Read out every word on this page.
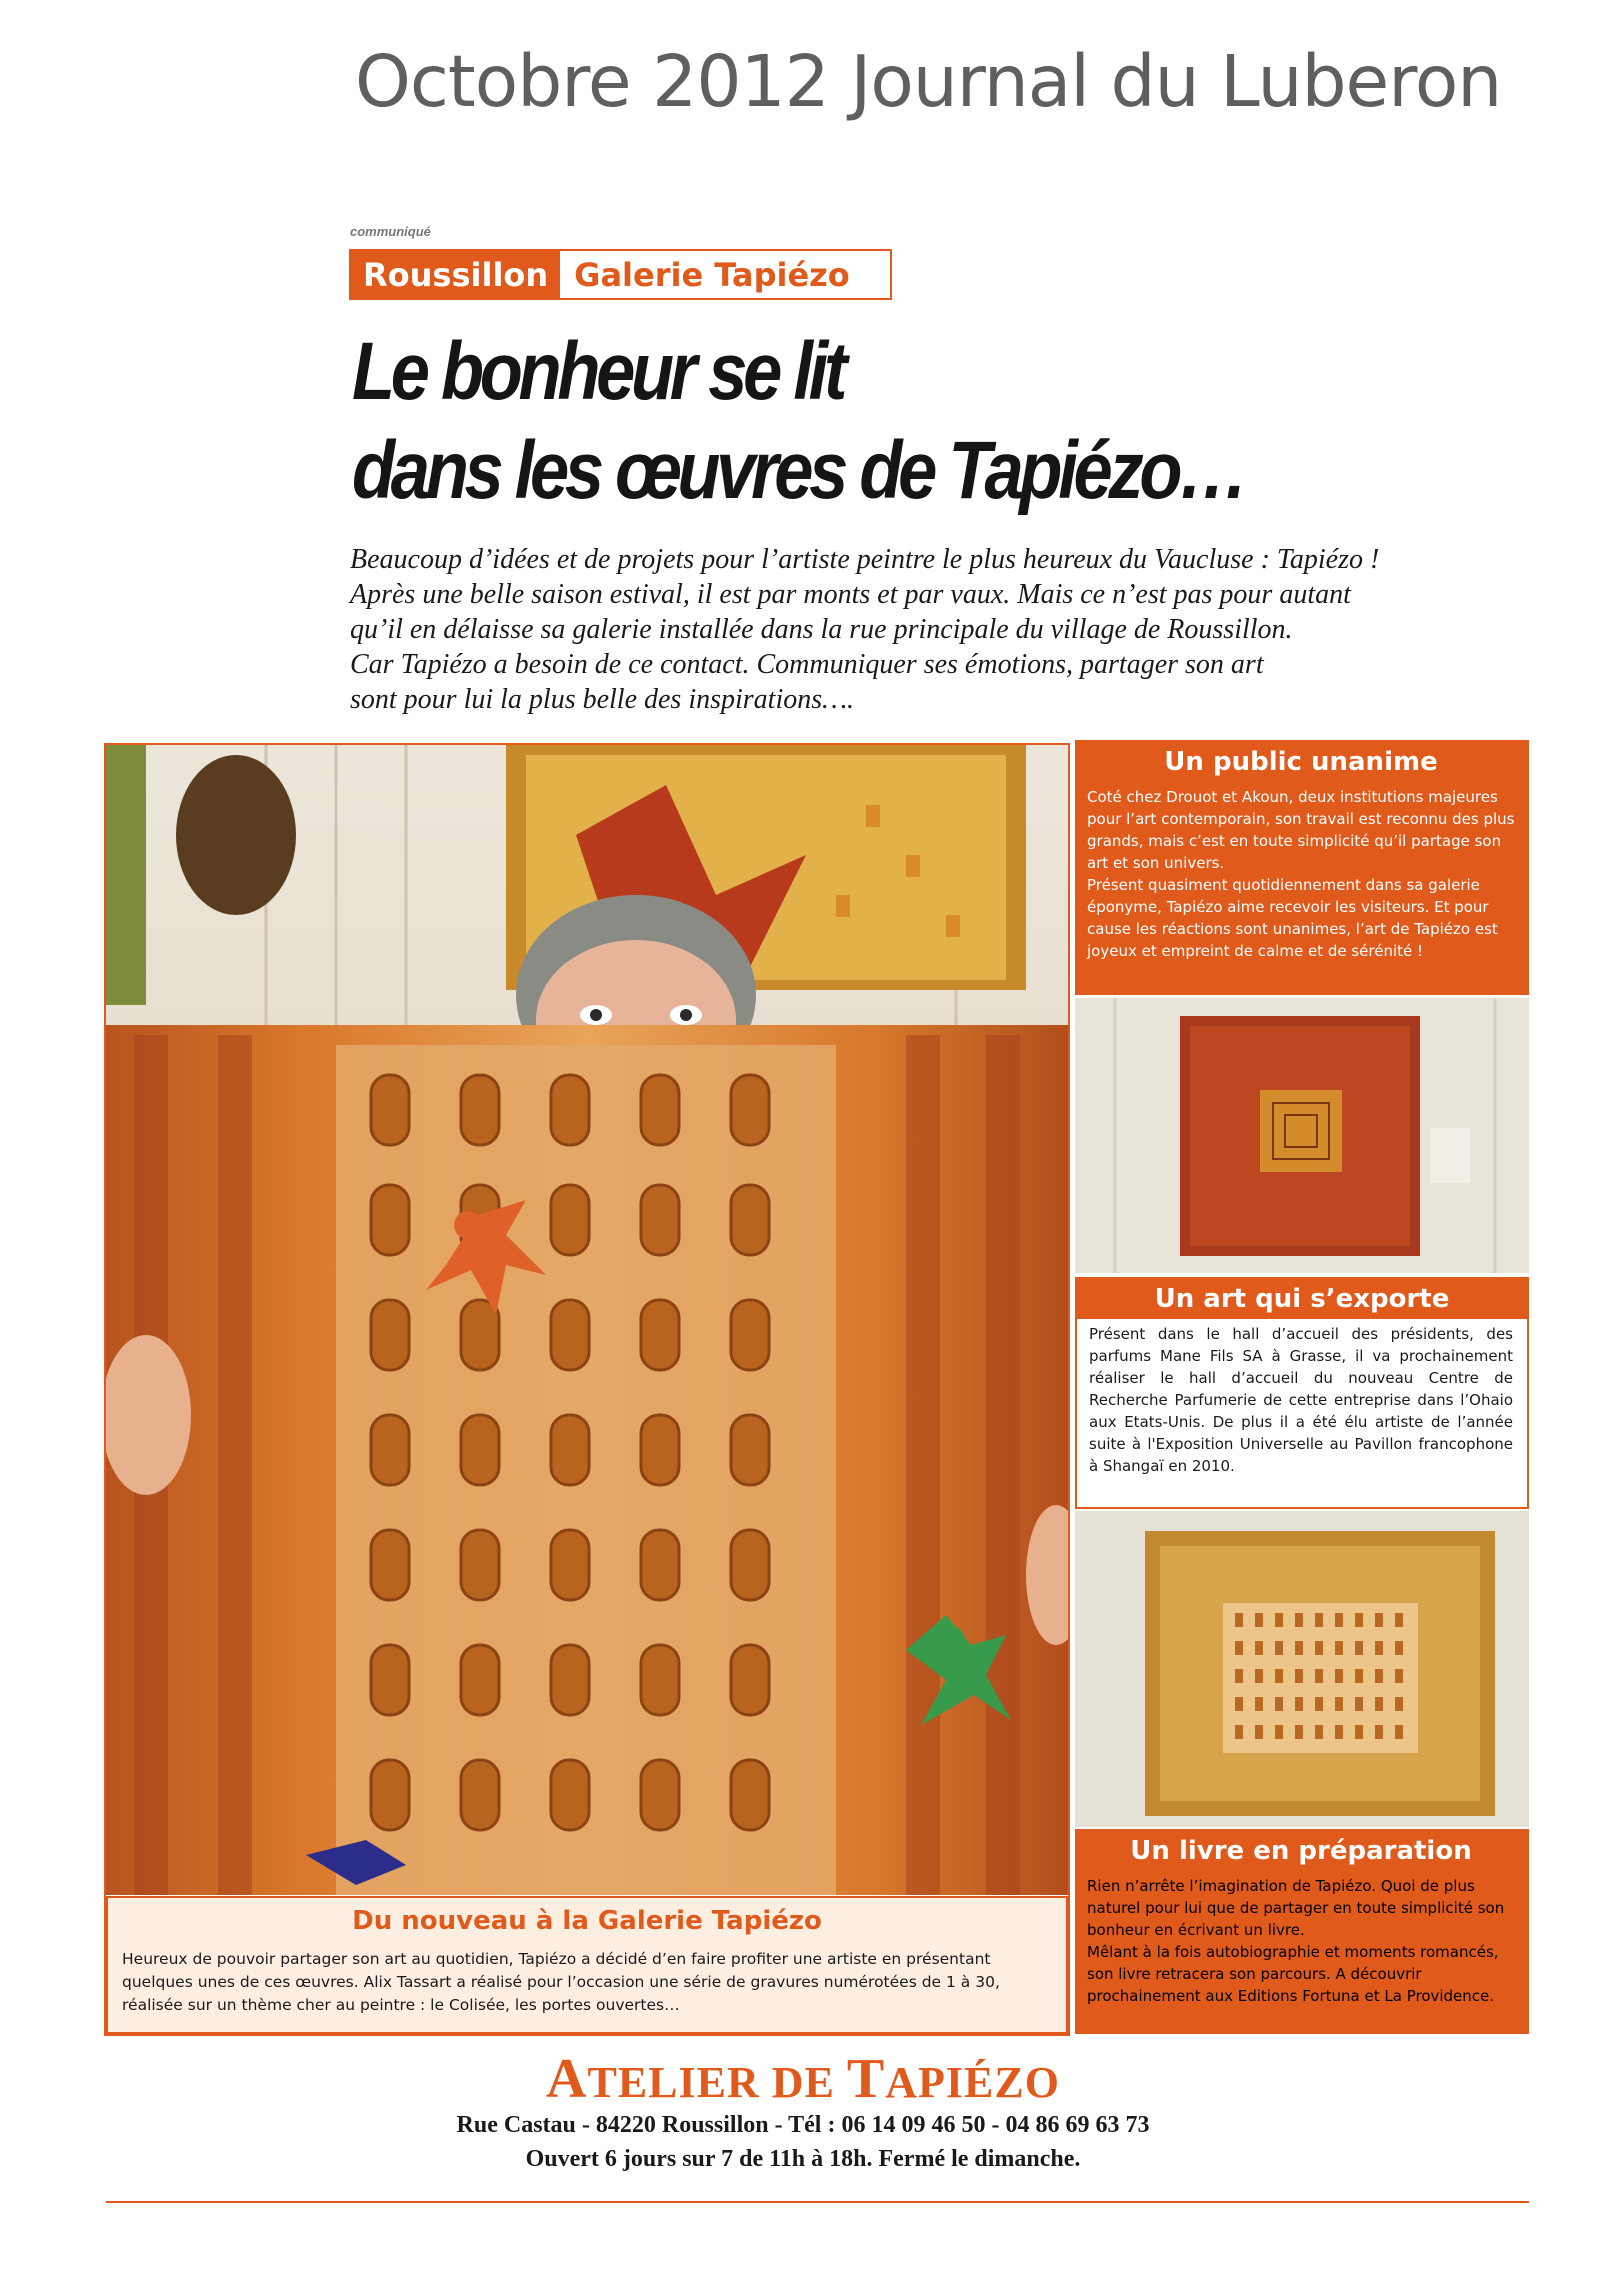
Octobre 2012 Journal du Luberon
communiqué
Roussillon Galerie Tapiézo
Le bonheur se lit
dans les œuvres de Tapiézo…
Beaucoup d’idées et de projets pour l’artiste peintre le plus heureux du Vaucluse : Tapiézo !
Après une belle saison estival, il est par monts et par vaux. Mais ce n’est pas pour autant
qu’il en délaisse sa galerie installée dans la rue principale du village de Roussillon.
Car Tapiézo a besoin de ce contact. Communiquer ses émotions, partager son art
sont pour lui la plus belle des inspirations….
Un public unanime

Coté chez Drouot et Akoun, deux institutions majeures pour l’art contemporain, son travail est reconnu des plus grands, mais c’est en toute simplicité qu’il partage son art et son univers.

Présent quasiment quotidiennement dans sa galerie éponyme, Tapiézo aime recevoir les visiteurs. Et pour cause les réactions sont unanimes, l’art de Tapiézo est joyeux et empreint de calme et de sérénité !

Un art qui s’exporte
Présent dans le hall d’accueil des présidents, des parfums Mane Fils SA à Grasse, il va prochainement réaliser le hall d’accueil du nouveau Centre de Recherche Parfumerie de cette entreprise dans l’Ohaio aux Etats-Unis. De plus il a été élu artiste de l’année suite à l'Exposition Universelle au Pavillon francophone à Shangaï en 2010.
Un livre en préparation

Rien n’arrête l’imagination de Tapiézo. Quoi de plus naturel pour lui que de partager en toute simplicité son bonheur en écrivant un livre.

Mêlant à la fois autobiographie et moments romancés, son livre retracera son parcours. A découvrir prochainement aux Editions Fortuna et La Providence.

Du nouveau à la Galerie Tapiézo
Heureux de pouvoir partager son art au quotidien, Tapiézo a décidé d’en faire profiter une artiste en présentant quelques unes de ces œuvres. Alix Tassart a réalisé pour l’occasion une série de gravures numérotées de 1 à 30, réalisée sur un thème cher au peintre : le Colisée, les portes ouvertes…
ATELIER DE TAPIÉZO
Rue Castau - 84220 Roussillon - Tél : 06 14 09 46 50 - 04 86 69 63 73
Ouvert 6 jours sur 7 de 11h à 18h. Fermé le dimanche.
